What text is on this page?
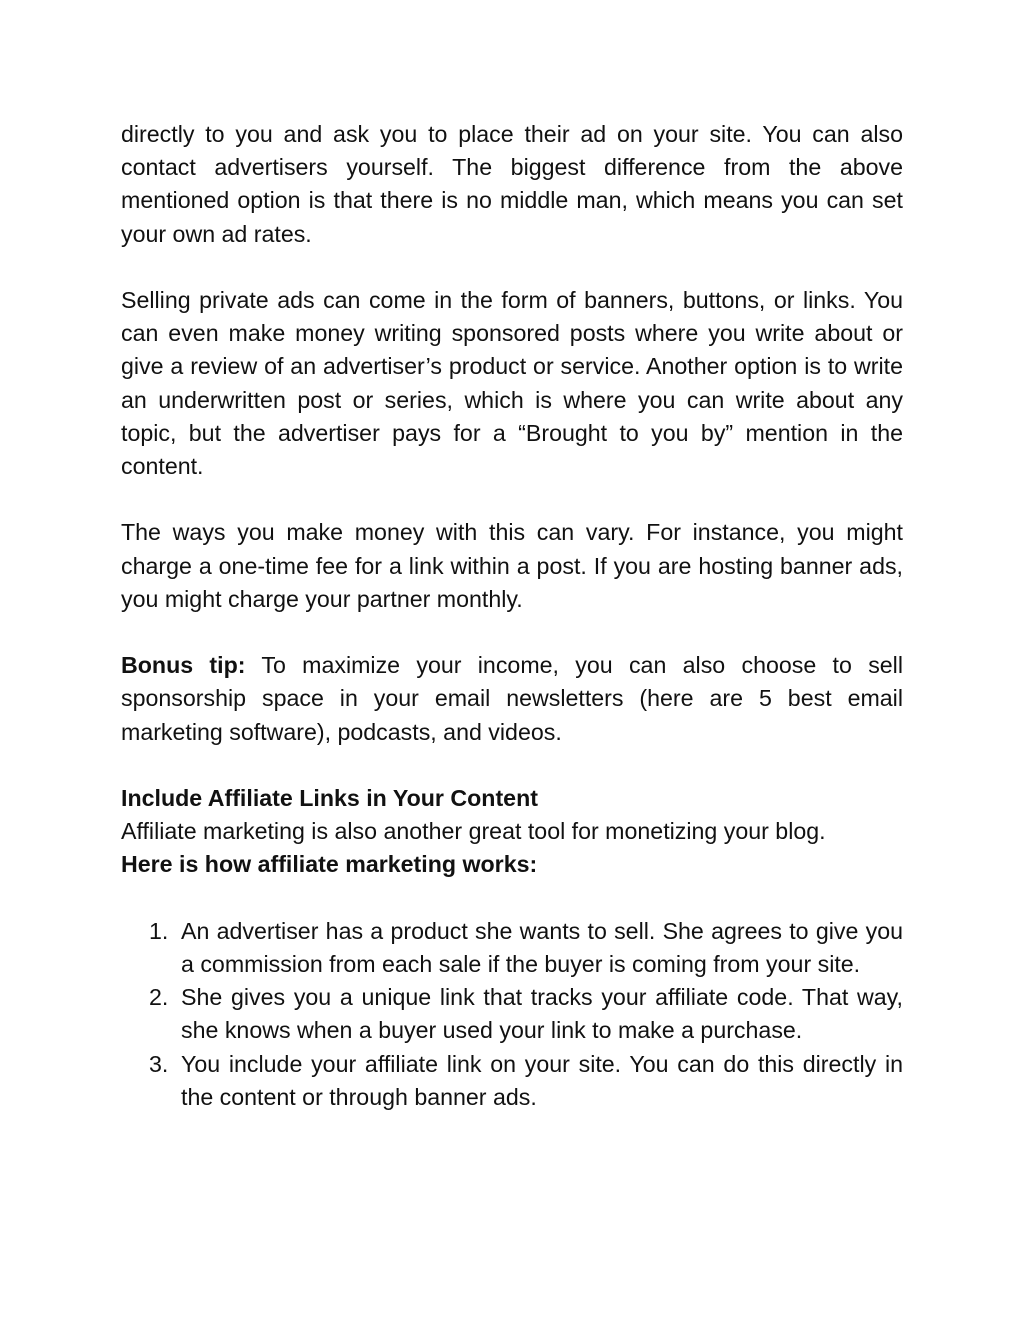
directly to you and ask you to place their ad on your site. You can also contact advertisers yourself. The biggest difference from the above mentioned option is that there is no middle man, which means you can set your own ad rates.

Selling private ads can come in the form of banners, buttons, or links. You can even make money writing sponsored posts where you write about or give a review of an advertiser’s product or service. Another option is to write an underwritten post or series, which is where you can write about any topic, but the advertiser pays for a “Brought to you by” mention in the content.

The ways you make money with this can vary. For instance, you might charge a one-time fee for a link within a post. If you are hosting banner ads, you might charge your partner monthly.

Bonus tip: To maximize your income, you can also choose to sell sponsorship space in your email newsletters (here are 5 best email marketing software), podcasts, and videos.

Include Affiliate Links in Your Content

Affiliate marketing is also another great tool for monetizing your blog.
Here is how affiliate marketing works:

1. An advertiser has a product she wants to sell. She agrees to give you a commission from each sale if the buyer is coming from your site.
2. She gives you a unique link that tracks your affiliate code. That way, she knows when a buyer used your link to make a purchase.
3. You include your affiliate link on your site. You can do this directly in the content or through banner ads.
